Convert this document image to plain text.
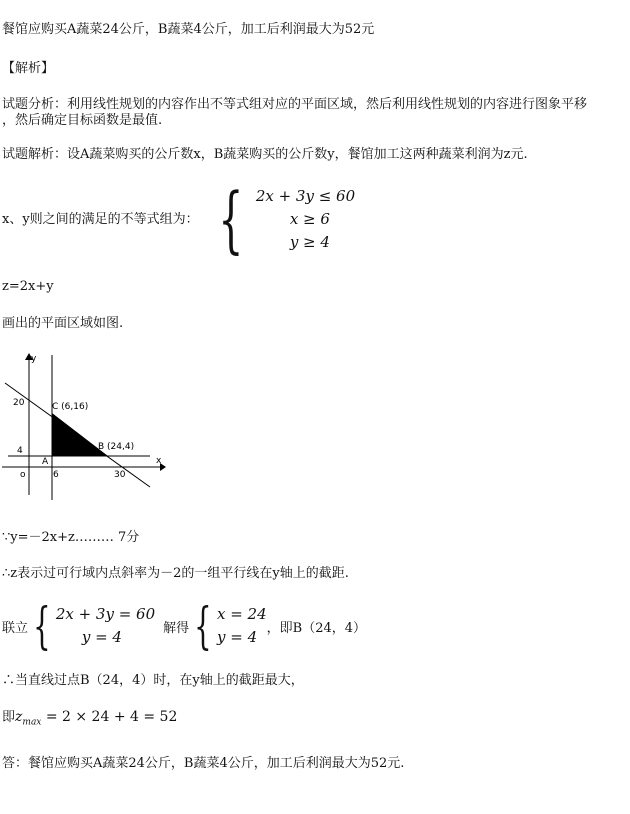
餐馆应购买A蔬菜24公斤，B蔬菜4公斤，加工后利润最大为52元
【解析】
试题分析：利用线性规划的内容作出不等式组对应的平面区域，然后利用线性规划的内容进行图象平移
，然后确定目标函数是最值.
试题解析：设A蔬菜购买的公斤数x，B蔬菜购买的公斤数y，餐馆加工这两种蔬菜利润为z元.
x、y则之间的满足的不等式组为： { 2x + 3y ≤ 60
x ≥ 6
y ≥ 4
z=2x+y
画出的平面区域如图.
y
x
o
20
4
6	30
A
C (6,16)
B (24,4)
∵y=－2x+z……… 7分
∴z表示过可行域内点斜率为－2的一组平行线在y轴上的截距.
联立 { 2x + 3y = 60
y = 4	解得 { x = 24
y = 4 ，即B（24，4）
∴当直线过点B（24，4）时，在y轴上的截距最大，
即$z_{max} = 2 \times 24 + 4 = 52$
答：餐馆应购买A蔬菜24公斤，B蔬菜4公斤，加工后利润最大为52元.
